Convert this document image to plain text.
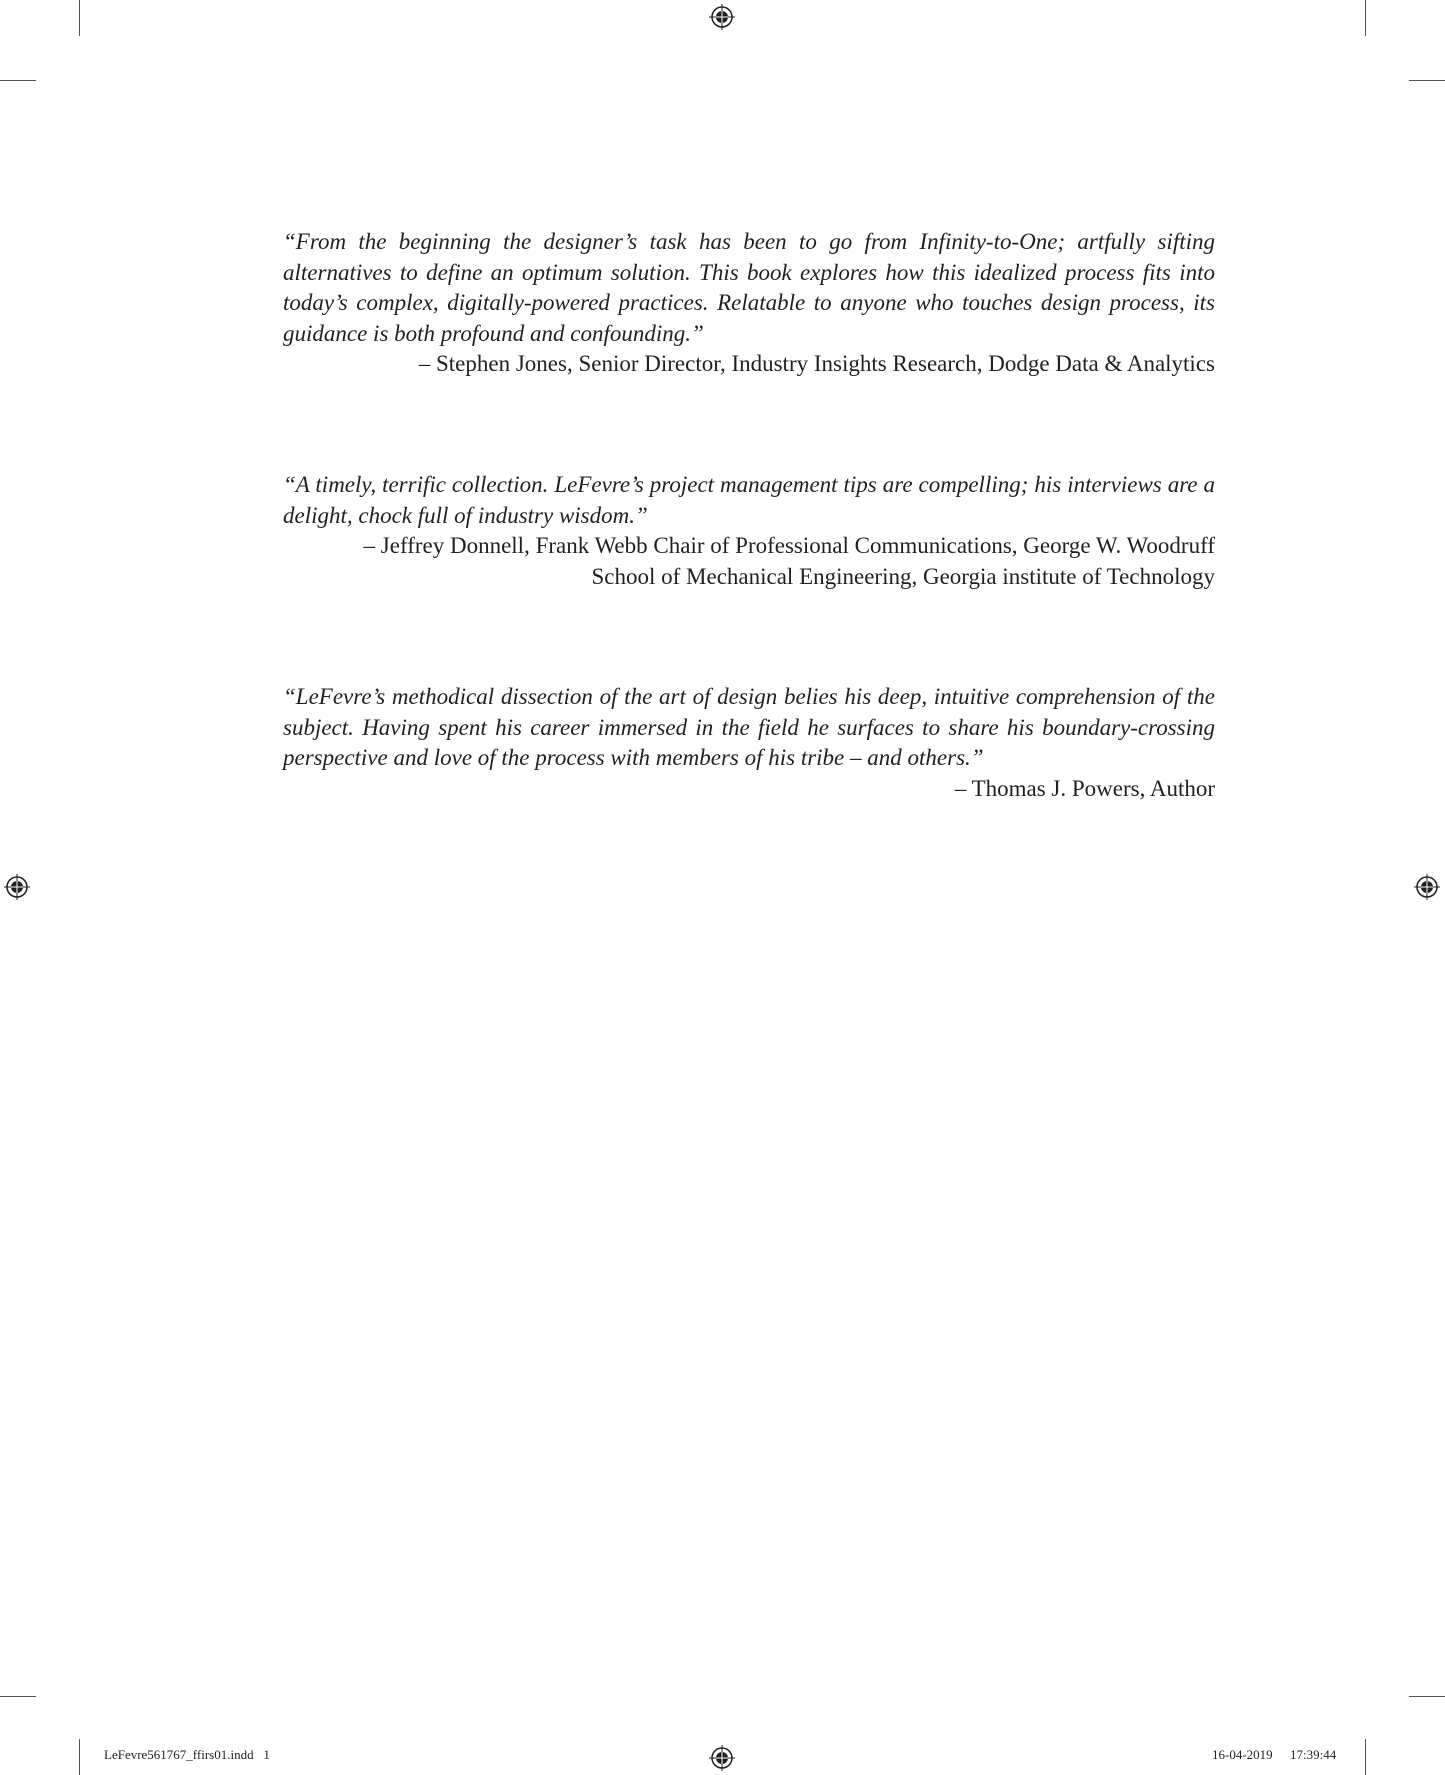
“From the beginning the designer’s task has been to go from Infinity-to-One; artfully sifting alternatives to define an optimum solution. This book explores how this idealized process fits into today’s complex, digitally-powered practices. Relatable to anyone who touches design process, its guidance is both profound and confounding.”

– Stephen Jones, Senior Director, Industry Insights Research, Dodge Data & Analytics

“A timely, terrific collection. LeFevre’s project management tips are compelling; his interviews are a delight, chock full of industry wisdom.”

– Jeffrey Donnell, Frank Webb Chair of Professional Communications, George W. Woodruff
School of Mechanical Engineering, Georgia institute of Technology

“LeFevre’s methodical dissection of the art of design belies his deep, intuitive comprehension of the subject. Having spent his career immersed in the field he surfaces to share his boundary-crossing perspective and love of the process with members of his tribe – and others.”

– Thomas J. Powers, Author

LeFevre561767_ffirs01.indd   1	16-04-2019 17:39:44
